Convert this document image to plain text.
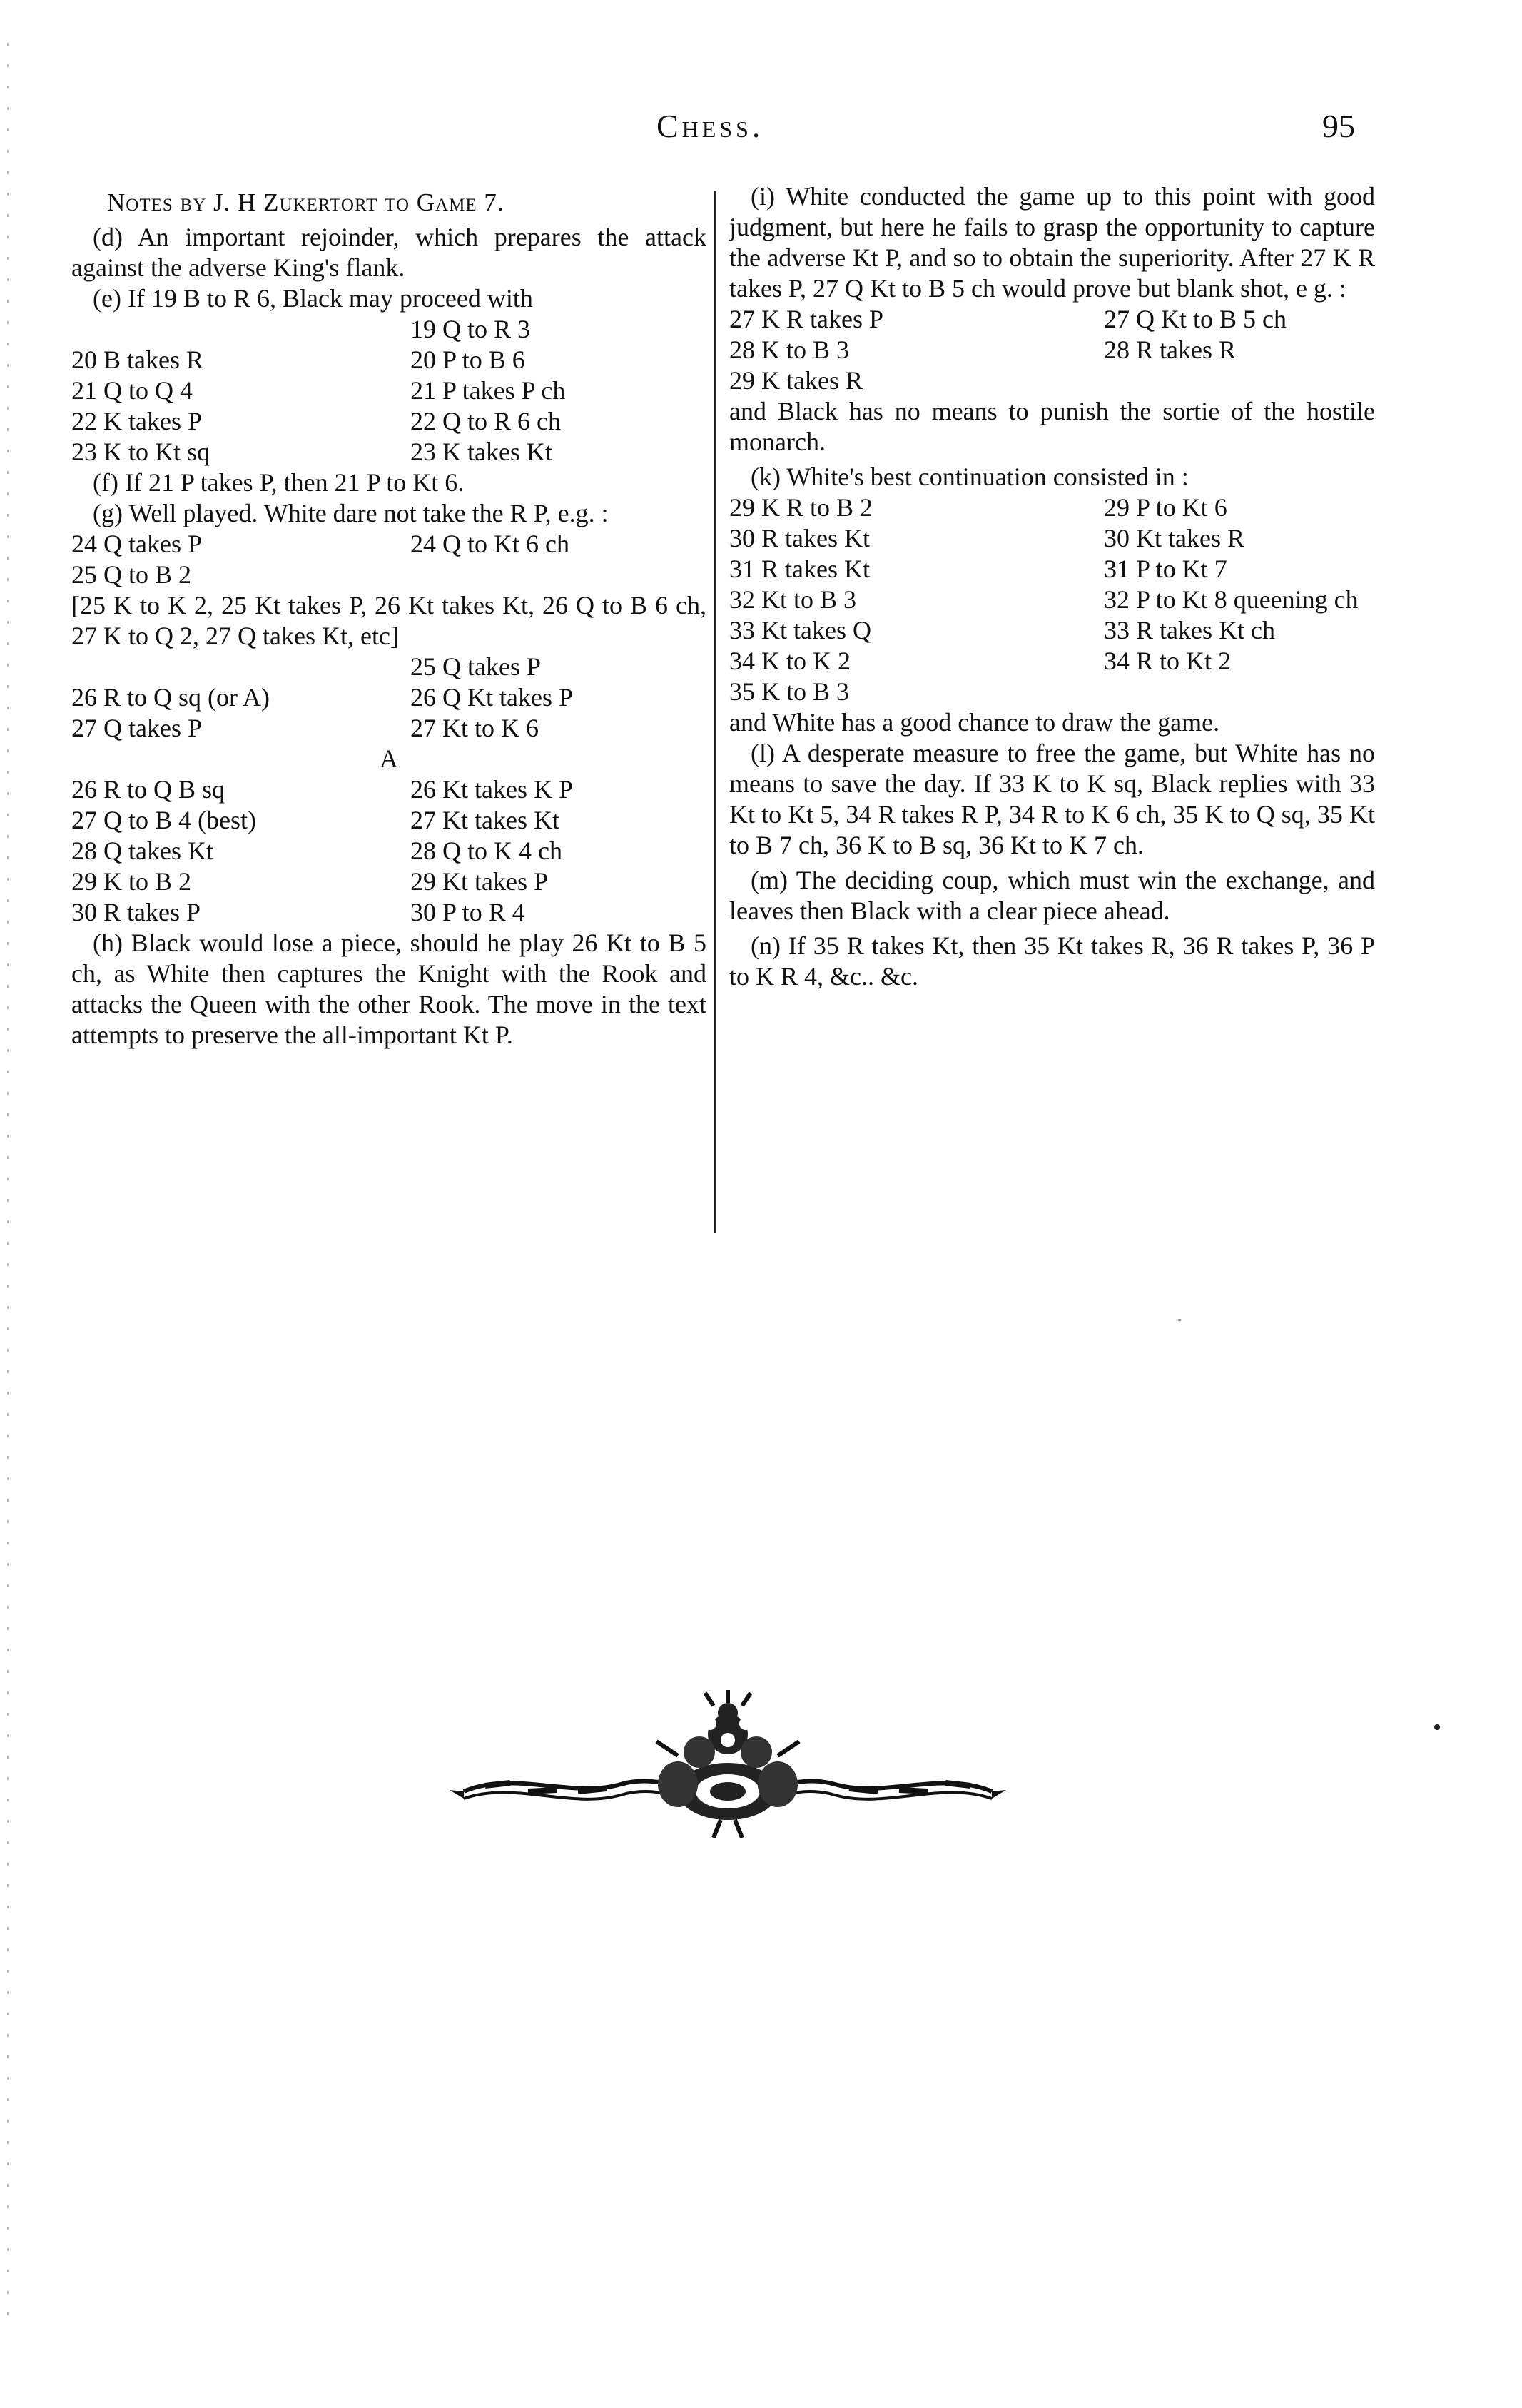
Chess.	95
Notes by J. H Zukertort to Game 7.

(d) An important rejoinder, which prepares the attack against the adverse King's flank.

(e) If 19 B to R 6, Black may proceed with

19 Q to R 3
20 B takes R	20 P to B 6
21 Q to Q 4	21 P takes P ch
22 K takes P	22 Q to R 6 ch
23 K to Kt sq	23 K takes Kt

(f) If 21 P takes P, then 21 P to Kt 6.

(g) Well played. White dare not take the R P, e.g. :

24 Q takes P	24 Q to Kt 6 ch
25 Q to B 2

[25 K to K 2, 25 Kt takes P, 26 Kt takes Kt, 26 Q to B 6 ch, 27 K to Q 2, 27 Q takes Kt, etc]

25 Q takes P
26 R to Q sq (or A)	26 Q Kt takes P
27 Q takes P	27 Kt to K 6
A
26 R to Q B sq	26 Kt takes K P
27 Q to B 4 (best)	27 Kt takes Kt
28 Q takes Kt	28 Q to K 4 ch
29 K to B 2	29 Kt takes P
30 R takes P	30 P to R 4

(h) Black would lose a piece, should he play 26 Kt to B 5 ch, as White then captures the Knight with the Rook and attacks the Queen with the other Rook. The move in the text attempts to preserve the all-important Kt P.

(i) White conducted the game up to this point with good judgment, but here he fails to grasp the opportunity to capture the adverse Kt P, and so to obtain the superiority. After 27 K R takes P, 27 Q Kt to B 5 ch would prove but blank shot, e g. :

27 K R takes P	27 Q Kt to B 5 ch
28 K to B 3	28 R takes R
29 K takes R

and Black has no means to punish the sortie of the hostile monarch.

(k) White's best continuation consisted in :

29 K R to B 2	29 P to Kt 6
30 R takes Kt	30 Kt takes R
31 R takes Kt	31 P to Kt 7
32 Kt to B 3	32 P to Kt 8 queening ch
33 Kt takes Q	33 R takes Kt ch
34 K to K 2	34 R to Kt 2
35 K to B 3

and White has a good chance to draw the game.

(l) A desperate measure to free the game, but White has no means to save the day. If 33 K to K sq, Black replies with 33 Kt to Kt 5, 34 R takes R P, 34 R to K 6 ch, 35 K to Q sq, 35 Kt to B 7 ch, 36 K to B sq, 36 Kt to K 7 ch.

(m) The deciding coup, which must win the exchange, and leaves then Black with a clear piece ahead.

(n) If 35 R takes Kt, then 35 Kt takes R, 36 R takes P, 36 P to K R 4, &c.. &c.
